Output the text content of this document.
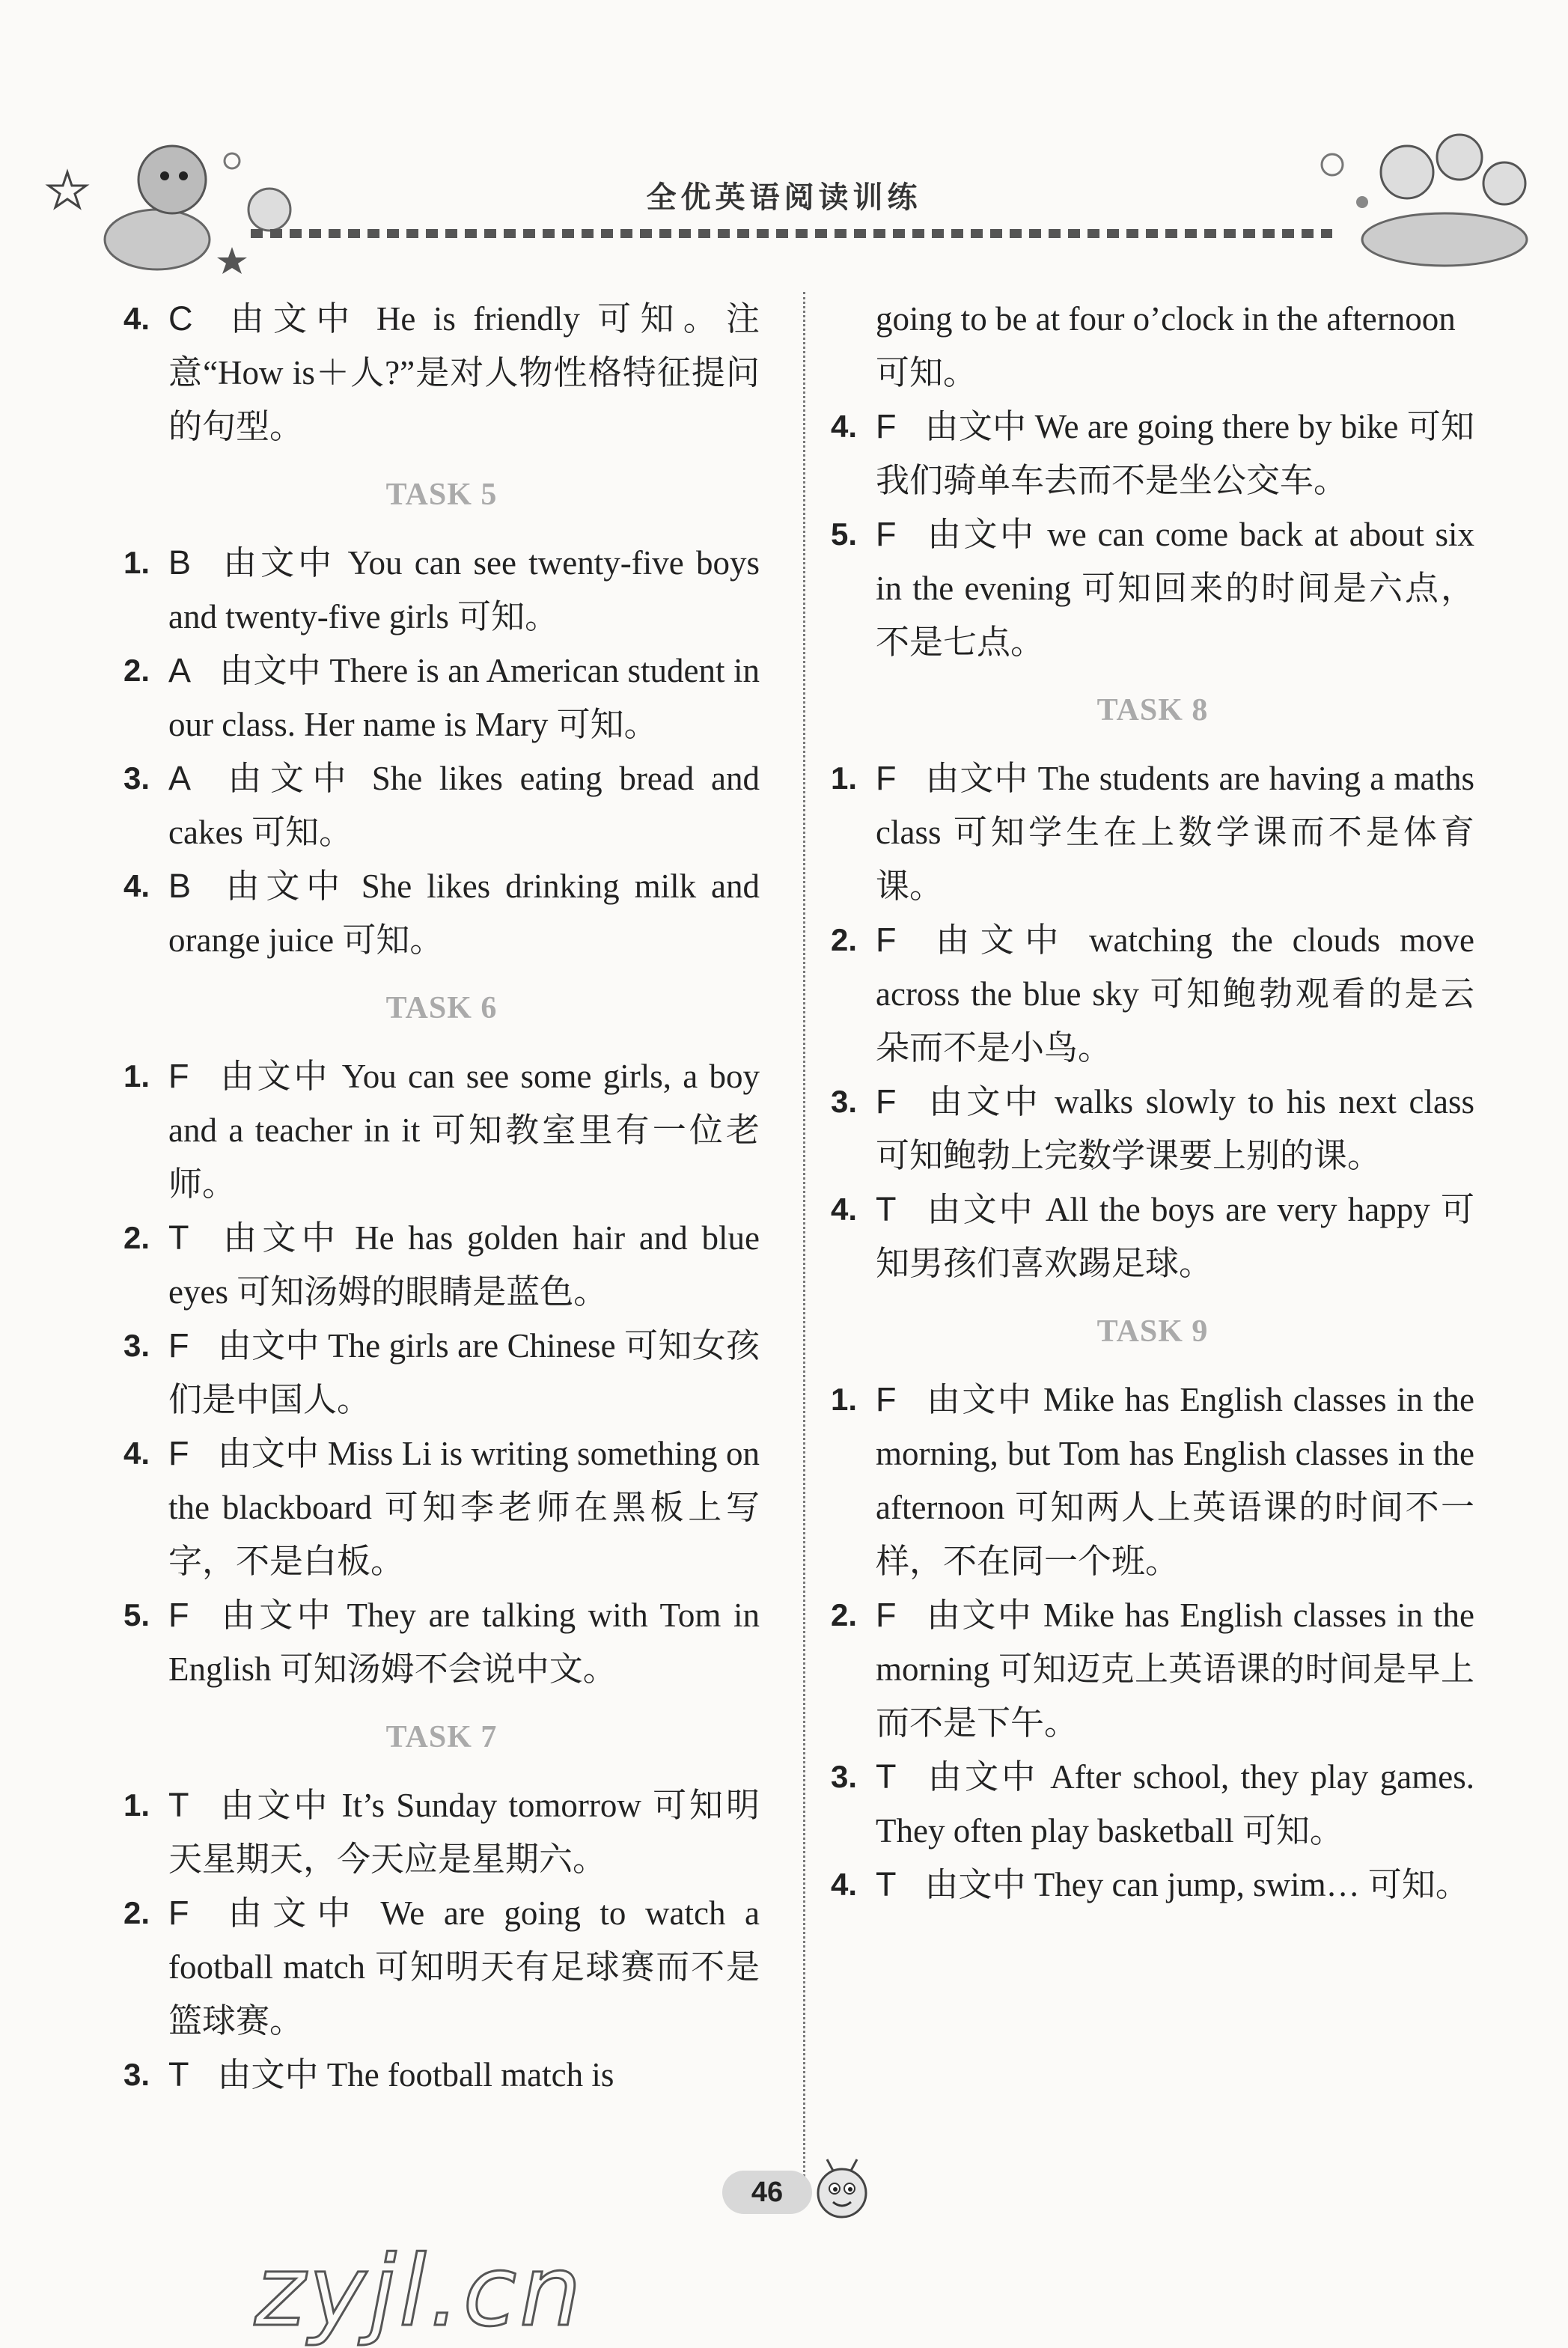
全优英语阅读训练
4. C 由文中 He is friendly 可知。注意“How is＋人?”是对人物性格特征提问的句型。
TASK 5
1. B 由文中 You can see twenty-five boys and twenty-five girls 可知。
2. A 由文中 There is an American student in our class. Her name is Mary 可知。
3. A 由文中 She likes eating bread and cakes 可知。
4. B 由文中 She likes drinking milk and orange juice 可知。
TASK 6
1. F 由文中 You can see some girls, a boy and a teacher in it 可知教室里有一位老师。
2. T 由文中 He has golden hair and blue eyes 可知汤姆的眼睛是蓝色。
3. F 由文中 The girls are Chinese 可知女孩们是中国人。
4. F 由文中 Miss Li is writing something on the blackboard 可知李老师在黑板上写字，不是白板。
5. F 由文中 They are talking with Tom in English 可知汤姆不会说中文。
TASK 7
1. T 由文中 It’s Sunday tomorrow 可知明天星期天，今天应是星期六。
2. F 由文中 We are going to watch a football match 可知明天有足球赛而不是篮球赛。
3. T 由文中 The football match is
going to be at four o’clock in the afternoon 可知。
4. F 由文中 We are going there by bike 可知我们骑单车去而不是坐公交车。
5. F 由文中 we can come back at about six in the evening 可知回来的时间是六点，不是七点。
TASK 8
1. F 由文中 The students are having a maths class 可知学生在上数学课而不是体育课。
2. F 由文中 watching the clouds move across the blue sky 可知鲍勃观看的是云朵而不是小鸟。
3. F 由文中 walks slowly to his next class 可知鲍勃上完数学课要上别的课。
4. T 由文中 All the boys are very happy 可知男孩们喜欢踢足球。
TASK 9
1. F 由文中 Mike has English classes in the morning, but Tom has English classes in the afternoon 可知两人上英语课的时间不一样，不在同一个班。
2. F 由文中 Mike has English classes in the morning 可知迈克上英语课的时间是早上而不是下午。
3. T 由文中 After school, they play games. They often play basketball 可知。
4. T 由文中 They can jump, swim… 可知。
46
zyjl.cn
